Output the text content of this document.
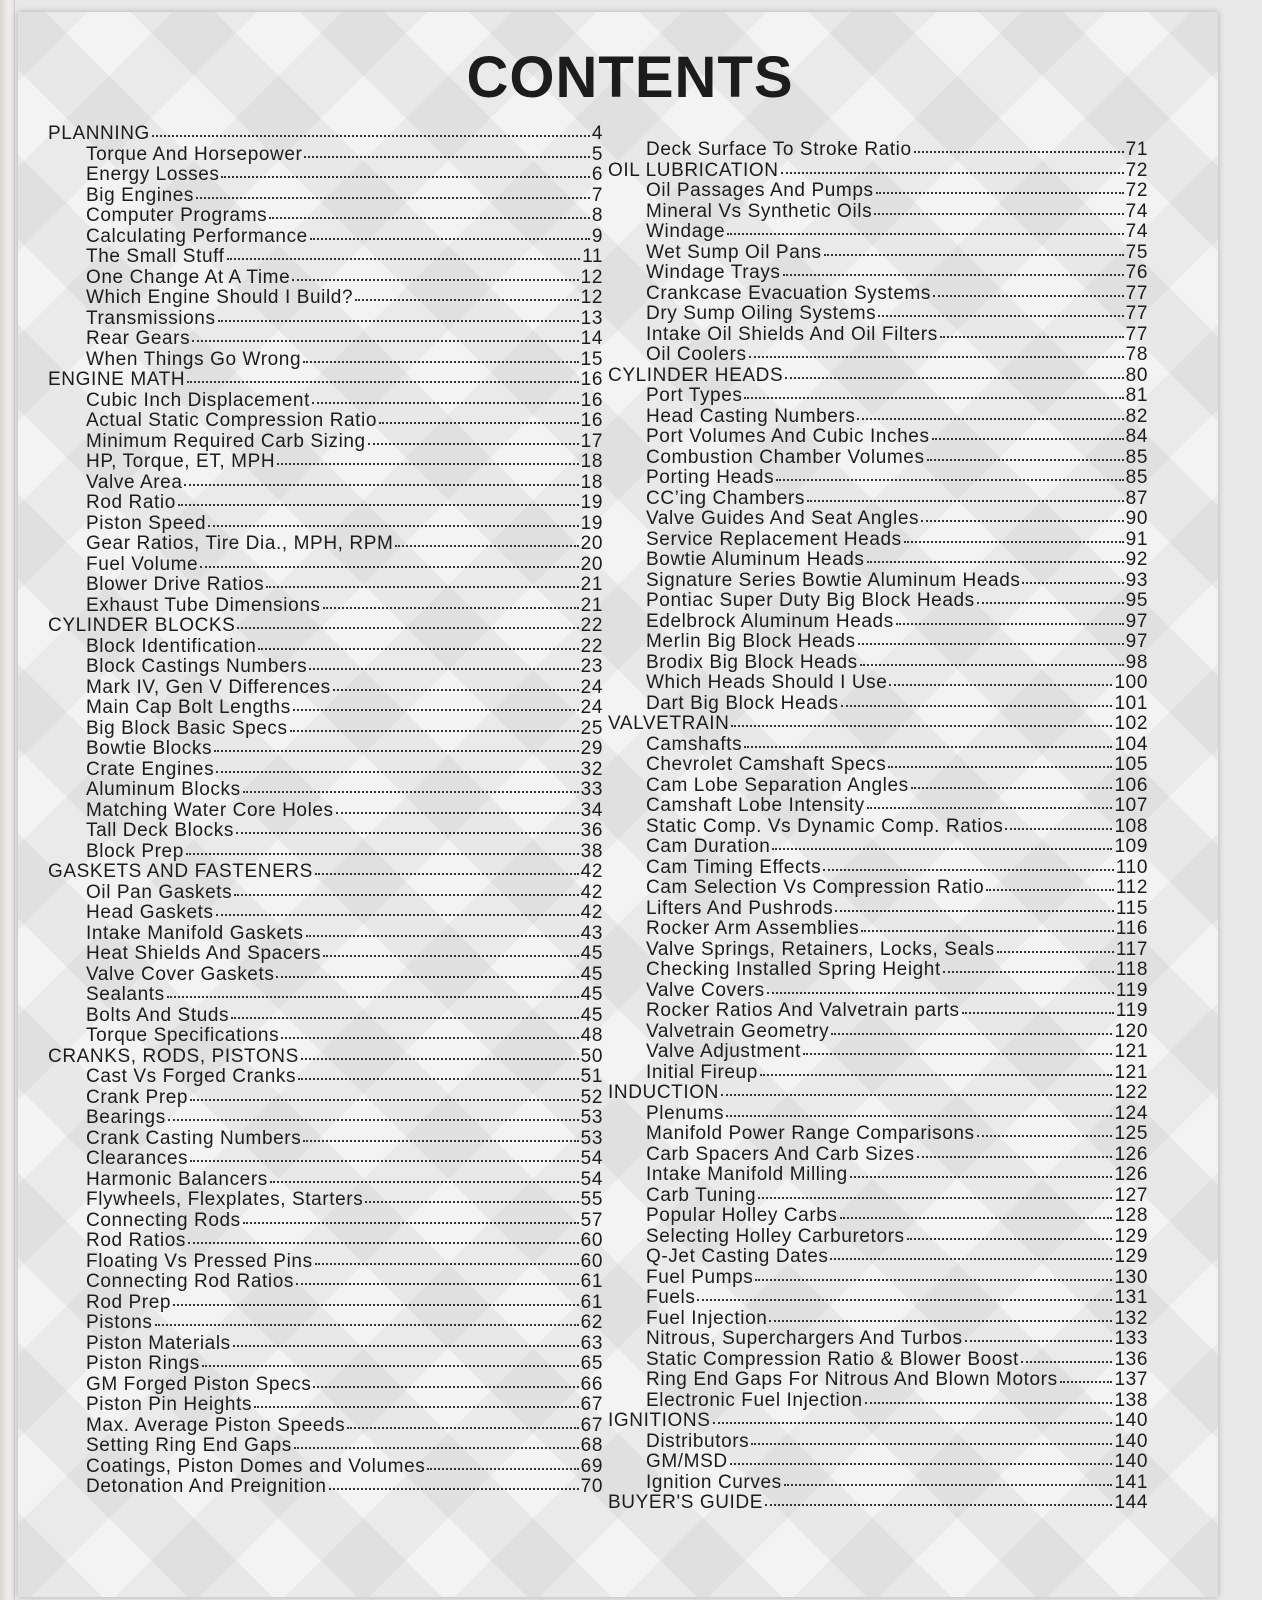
CONTENTS
PLANNING	4
Torque And Horsepower	5
Energy Losses	6
Big Engines	7
Computer Programs	8
Calculating Performance	9
The Small Stuff	11
One Change At A Time	12
Which Engine Should I Build?	12
Transmissions	13
Rear Gears	14
When Things Go Wrong	15
ENGINE MATH	16
Cubic Inch Displacement	16
Actual Static Compression Ratio	16
Minimum Required Carb Sizing	17
HP, Torque, ET, MPH	18
Valve Area	18
Rod Ratio	19
Piston Speed	19
Gear Ratios, Tire Dia., MPH, RPM	20
Fuel Volume	20
Blower Drive Ratios	21
Exhaust Tube Dimensions	21
CYLINDER BLOCKS	22
Block Identification	22
Block Castings Numbers	23
Mark IV, Gen V Differences	24
Main Cap Bolt Lengths	24
Big Block Basic Specs	25
Bowtie Blocks	29
Crate Engines	32
Aluminum Blocks	33
Matching Water Core Holes	34
Tall Deck Blocks	36
Block Prep	38
GASKETS AND FASTENERS	42
Oil Pan Gaskets	42
Head Gaskets	42
Intake Manifold Gaskets	43
Heat Shields And Spacers	45
Valve Cover Gaskets	45
Sealants	45
Bolts And Studs	45
Torque Specifications	48
CRANKS, RODS, PISTONS	50
Cast Vs Forged Cranks	51
Crank Prep	52
Bearings	53
Crank Casting Numbers	53
Clearances	54
Harmonic Balancers	54
Flywheels, Flexplates, Starters	55
Connecting Rods	57
Rod Ratios	60
Floating Vs Pressed Pins	60
Connecting Rod Ratios	61
Rod Prep	61
Pistons	62
Piston Materials	63
Piston Rings	65
GM Forged Piston Specs	66
Piston Pin Heights	67
Max. Average Piston Speeds	67
Setting Ring End Gaps	68
Coatings, Piston Domes and Volumes	69
Detonation And Preignition	70
Deck Surface To Stroke Ratio	71
OIL LUBRICATION	72
Oil Passages And Pumps	72
Mineral Vs Synthetic Oils	74
Windage	74
Wet Sump Oil Pans	75
Windage Trays	76
Crankcase Evacuation Systems	77
Dry Sump Oiling Systems	77
Intake Oil Shields And Oil Filters	77
Oil Coolers	78
CYLINDER HEADS	80
Port Types	81
Head Casting Numbers	82
Port Volumes And Cubic Inches	84
Combustion Chamber Volumes	85
Porting Heads	85
CC’ing Chambers	87
Valve Guides And Seat Angles	90
Service Replacement Heads	91
Bowtie Aluminum Heads	92
Signature Series Bowtie Aluminum Heads	93
Pontiac Super Duty Big Block Heads	95
Edelbrock Aluminum Heads	97
Merlin Big Block Heads	97
Brodix Big Block Heads	98
Which Heads Should I Use	100
Dart Big Block Heads	101
VALVETRAIN	102
Camshafts	104
Chevrolet Camshaft Specs	105
Cam Lobe Separation Angles	106
Camshaft Lobe Intensity	107
Static Comp. Vs Dynamic Comp. Ratios	108
Cam Duration	109
Cam Timing Effects	110
Cam Selection Vs Compression Ratio	112
Lifters And Pushrods	115
Rocker Arm Assemblies	116
Valve Springs, Retainers, Locks, Seals	117
Checking Installed Spring Height	118
Valve Covers	119
Rocker Ratios And Valvetrain parts	119
Valvetrain Geometry	120
Valve Adjustment	121
Initial Fireup	121
INDUCTION	122
Plenums	124
Manifold Power Range Comparisons	125
Carb Spacers And Carb Sizes	126
Intake Manifold Milling	126
Carb Tuning	127
Popular Holley Carbs	128
Selecting Holley Carburetors	129
Q-Jet Casting Dates	129
Fuel Pumps	130
Fuels	131
Fuel Injection	132
Nitrous, Superchargers And Turbos	133
Static Compression Ratio & Blower Boost	136
Ring End Gaps For Nitrous And Blown Motors	137
Electronic Fuel Injection	138
IGNITIONS	140
Distributors	140
GM/MSD	140
Ignition Curves	141
BUYER'S GUIDE	144
